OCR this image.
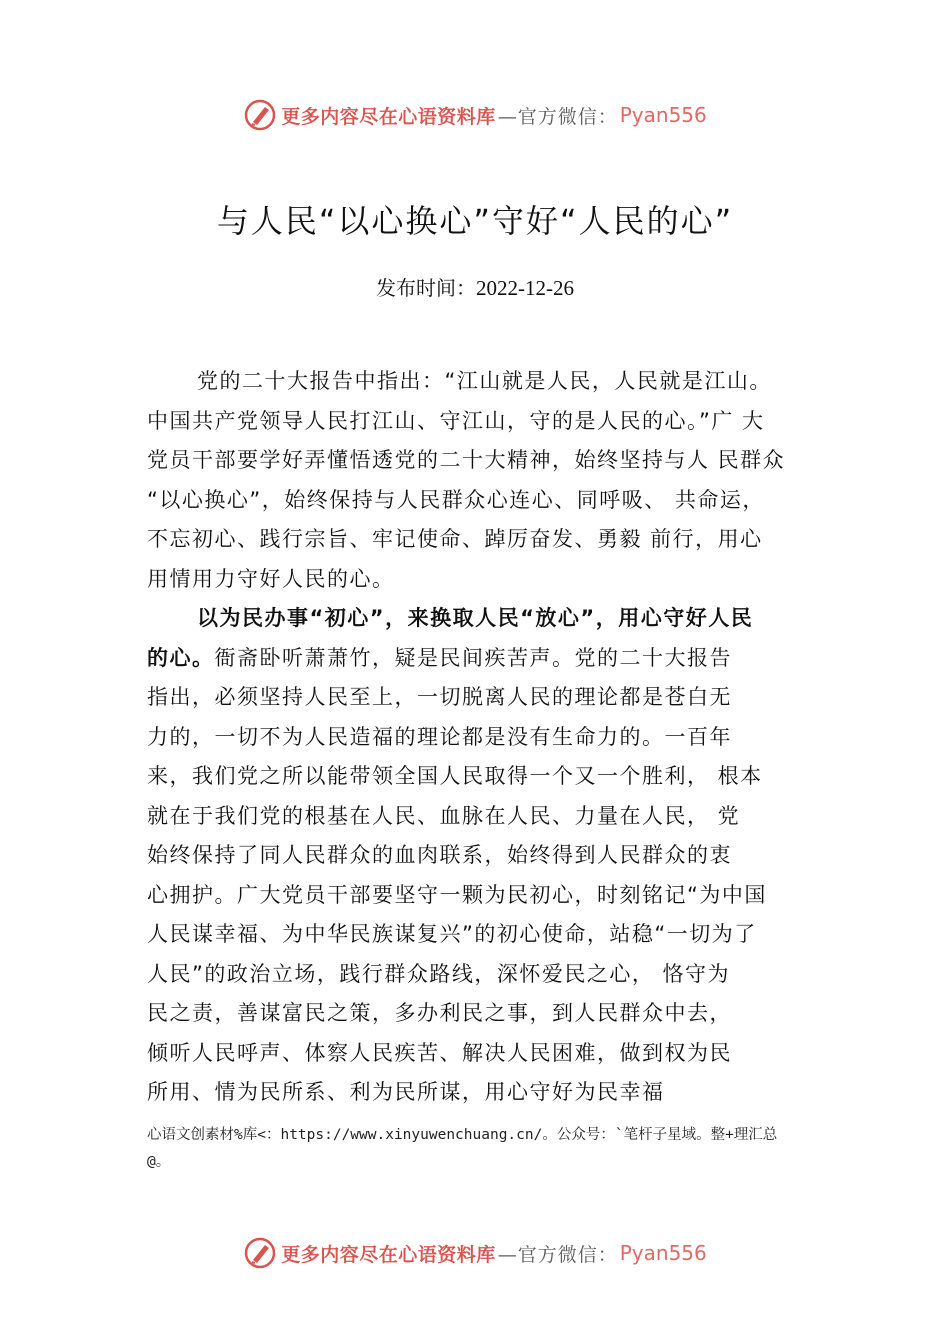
更多内容尽在心语资料库 —官方微信： Pyan556
与人民“以心换心”守好“人民的心”
发布时间：2022-12-26
党的二十大报告中指出：“江山就是人民，人民就是江山。
中国共产党领导人民打江山、守江山，守的是人民的心。”广 大
党员干部要学好弄懂悟透党的二十大精神，始终坚持与人 民群众
“以心换心”，始终保持与人民群众心连心、同呼吸、 共命运，
不忘初心、践行宗旨、牢记使命、踔厉奋发、勇毅 前行，用心
用情用力守好人民的心。
以为民办事“初心”，来换取人民“放心”，用心守好人民
的心。衙斋卧听萧萧竹，疑是民间疾苦声。党的二十大报告
指出，必须坚持人民至上，一切脱离人民的理论都是苍白无
力的，一切不为人民造福的理论都是没有生命力的。一百年
来，我们党之所以能带领全国人民取得一个又一个胜利， 根本
就在于我们党的根基在人民、血脉在人民、力量在人民， 党
始终保持了同人民群众的血肉联系，始终得到人民群众的衷
心拥护。广大党员干部要坚守一颗为民初心，时刻铭记“为中国
人民谋幸福、为中华民族谋复兴”的初心使命，站稳“一切为了
人民”的政治立场，践行群众路线，深怀爱民之心， 恪守为
民之责，善谋富民之策，多办利民之事，到人民群众中去，
倾听人民呼声、体察人民疾苦、解决人民困难，做到权为民
所用、情为民所系、利为民所谋，用心守好为民幸福
心语文创素材%库<：https://www.xinyuwenchuang.cn/。公众号：`笔杆子星域。整+理汇总
@。
更多内容尽在心语资料库 —官方微信： Pyan556
